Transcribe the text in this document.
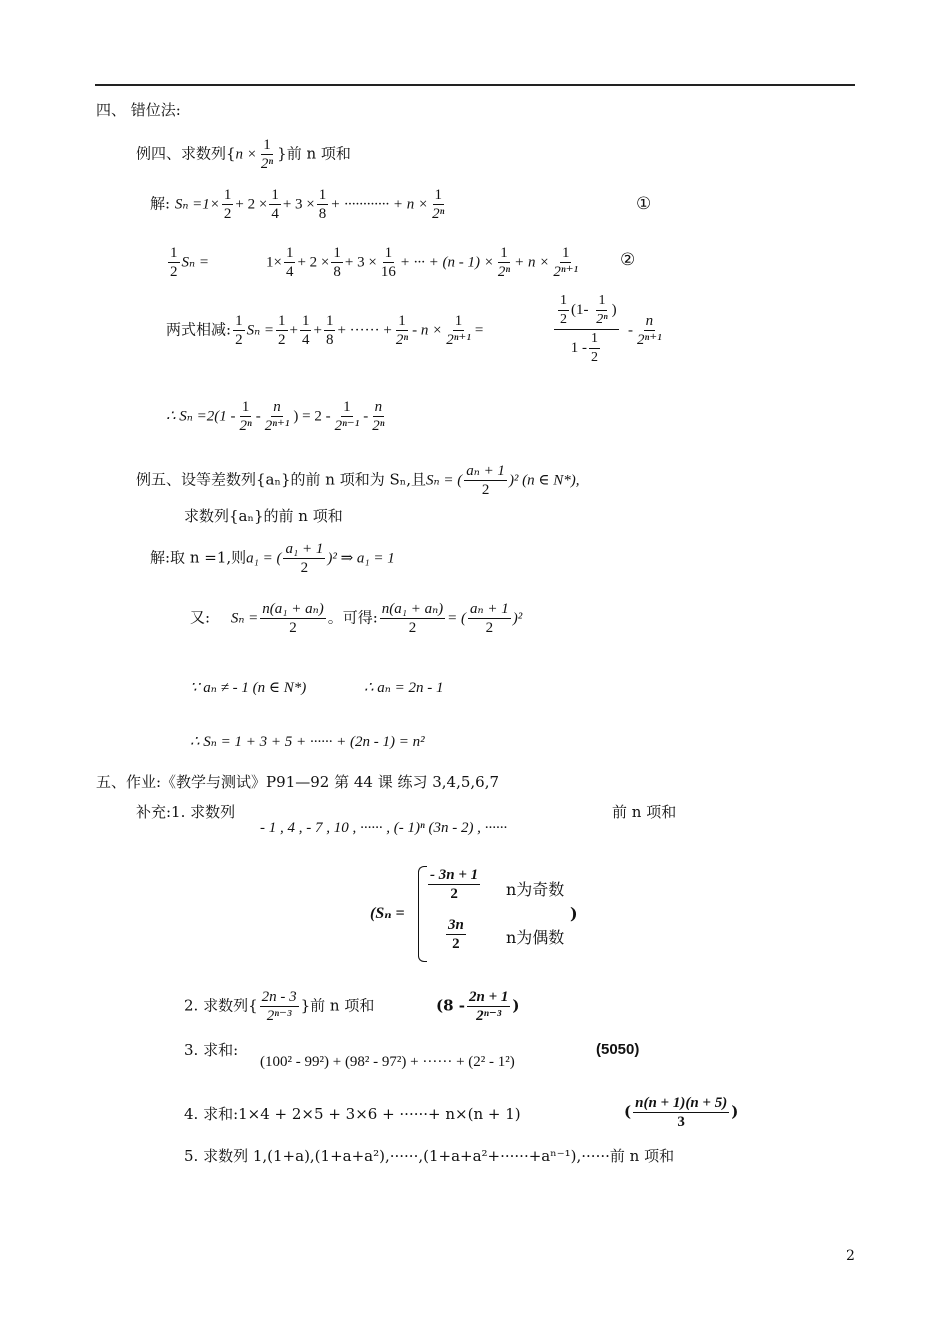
四、 错位法:
例四、求数列{$n \times \frac{1}{\text{2ⁿ}}$ }前 n 项和
解: $S_n =1\times \frac{1}{2} + 2 \times \frac{1}{4} + 3 \times \frac{1}{8}$ + ············ + $n \times \frac{1}{\text{2ⁿ}}$	①
$\frac{1}{2}$ Sₙ =	$1\times \frac{1}{4} + 2 \times \frac{1}{8} + 3 \times \frac{1}{16}$ + ··· + $(n - 1) \times \frac{1}{\text{2ⁿ}} + n \times \frac{1}{\text{2ⁿ⁺¹}}$ ②
两式相减: $\frac{1}{2}$ $S_n = \frac{1}{2} + \frac{1}{4} + \frac{1}{8}$ + ······ + $\frac{1}{\text{2ⁿ}} - n \times \frac{1}{\text{2ⁿ⁺¹}}$ =	$\frac{\frac{1}{2} (1- \frac{1}{\text{2ⁿ}} )}{1 - \frac{1}{2}} - \frac{n}{\text{2ⁿ⁺¹}}$
∴ $S_n =2(1 - \frac{1}{\text{2ⁿ}} - \frac{n}{\text{2ⁿ⁺¹}}$ ) = $2 - \frac{1}{\text{2ⁿ⁻¹}} - \frac{n}{\text{2ⁿ}}$
例五、设等差数列{aₙ}的前 n 项和为 Sₙ,且Sₙ = ( $\frac{\text{aₙ + 1}}{2} )^2$ (n ∈ N*),
求数列{aₙ}的前 n 项和
解:取 n =1,则a₁ = ( $\frac{\text{a₁ + 1}}{2} )^2$ ⇒ a₁ = 1
又: $S_n = \frac{\text{n(a₁ + aₙ)}}{2}$ 。可得: $\frac{\text{n(a₁ + aₙ)}}{2}$ = ( $\frac{\text{aₙ + 1}}{2} )^2$
∵ aₙ ≠ - 1 (n ∈ N*)	∴ aₙ = 2n - 1
∴ Sₙ = 1 + 3 + 5 + ······ + (2n - 1) = n²
五、作业:《教学与测试》P91—92 第 44 课 练习 3,4,5,6,7
补充:1. 求数列
- 1 , 4 , - 7 , 10 , ······ , (- 1)ⁿ (3n - 2) , ······
前 n 项和
(Sₙ =
$\frac{- 3n + 1}{2}$ n为奇数
$\frac{3n}{2}$	n为偶数
)
2. 求数列{ $\frac{2n - 3}{\text{2ⁿ⁻³}}$ }前 n 项和	($8 - \frac{2n + 1}{\text{2ⁿ⁻³}}$ )
3. 求和:
(100² - 99²) + (98² - 97²) + ······ + (2² - 1²)
(5050)
4. 求和:1×4 + 2×5 + 3×6 + ······+ n×(n + 1)	( $\frac{n(n + 1)(n + 5)}{3}$ )
5. 求数列 1,(1+a),(1+a+a²),······,(1+a+a²+······+aⁿ⁻¹),······前 n 项和
2
